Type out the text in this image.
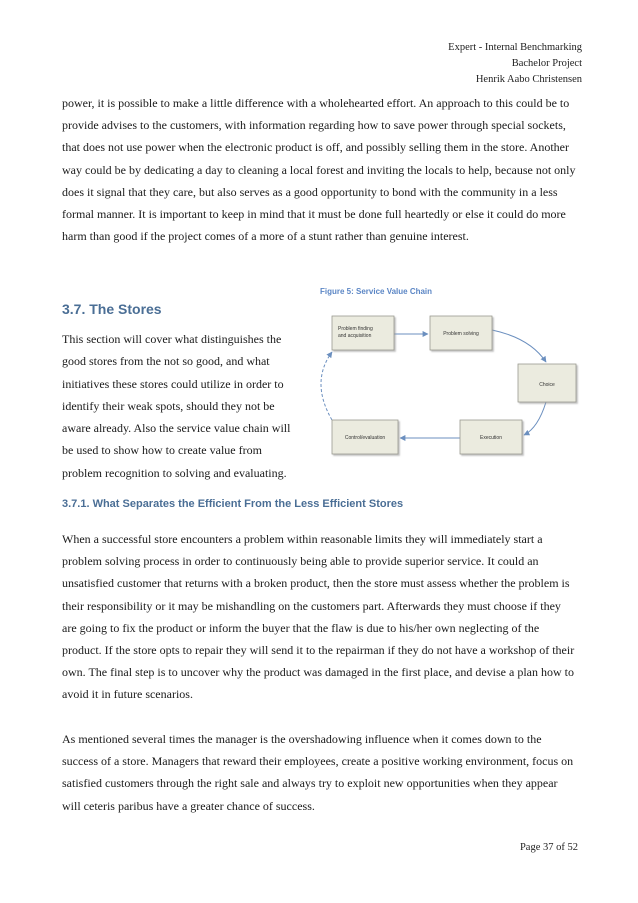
Expert - Internal Benchmarking
Bachelor Project
Henrik Aabo Christensen

power, it is possible to make a little difference with a wholehearted effort. An approach to this could be to provide advises to the customers, with information regarding how to save power through special sockets, that does not use power when the electronic product is off, and possibly selling them in the store. Another way could be by dedicating a day to cleaning a local forest and inviting the locals to help, because not only does it signal that they care, but also serves as a good opportunity to bond with the community in a less formal manner. It is important to keep in mind that it must be done full heartedly or else it could do more harm than good if the project comes of a more of a stunt rather than genuine interest.

Figure 5: Service Value Chain

3.7. The Stores

This section will cover what distinguishes the good stores from the not so good, and what initiatives these stores could utilize in order to identify their weak spots, should they not be aware already. Also the service value chain will be used to show how to create value from problem recognition to solving and evaluating.

Problem finding
and acquisition	Problem solving
Choice
Execution
Control/evaluation
3.7.1. What Separates the Efficient From the Less Efficient Stores

When a successful store encounters a problem within reasonable limits they will immediately start a problem solving process in order to continuously being able to provide superior service. It could an unsatisfied customer that returns with a broken product, then the store must assess whether the problem is their responsibility or it may be mishandling on the customers part. Afterwards they must choose if they are going to fix the product or inform the buyer that the flaw is due to his/her own neglecting of the product. If the store opts to repair they will send it to the repairman if they do not have a workshop of their own. The final step is to uncover why the product was damaged in the first place, and devise a plan how to avoid it in future scenarios.

As mentioned several times the manager is the overshadowing influence when it comes down to the success of a store. Managers that reward their employees, create a positive working environment, focus on satisfied customers through the right sale and always try to exploit new opportunities when they appear will ceteris paribus have a greater chance of success.

Page 37 of 52
